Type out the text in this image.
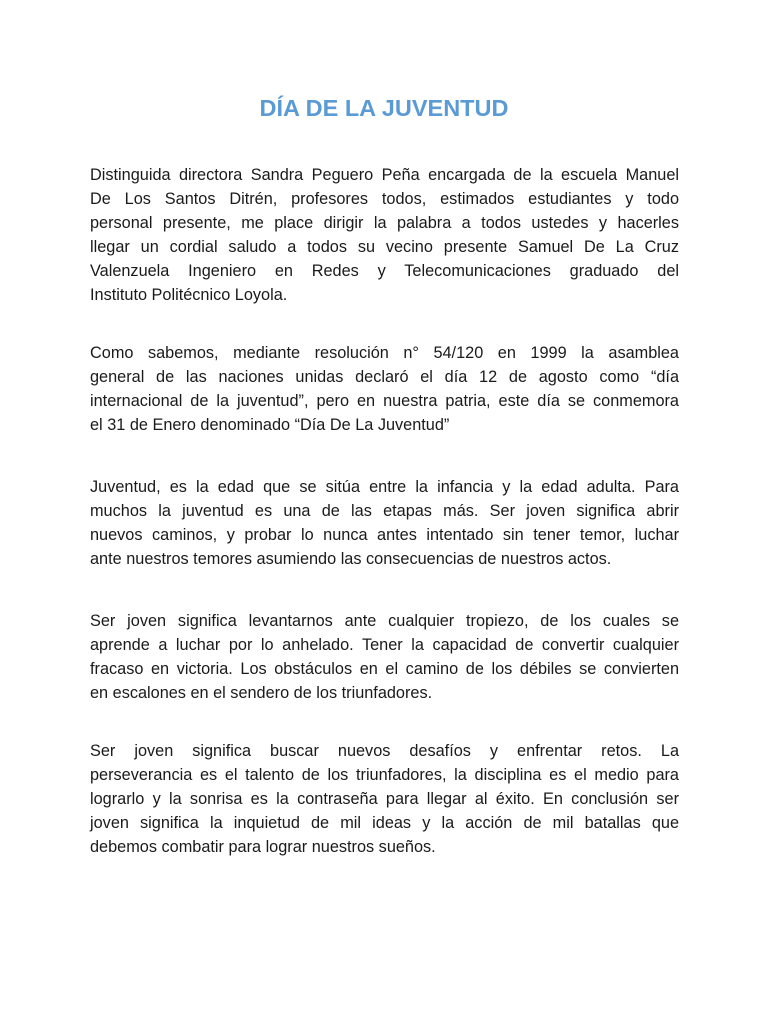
DÍA DE LA JUVENTUD
Distinguida directora Sandra Peguero Peña encargada de la escuela Manuel
De Los Santos Ditrén, profesores todos, estimados estudiantes y todo
personal presente, me place dirigir la palabra a todos ustedes y hacerles
llegar un cordial saludo a todos su vecino presente Samuel De La Cruz
Valenzuela Ingeniero en Redes y Telecomunicaciones graduado del
Instituto Politécnico Loyola.
Como sabemos, mediante resolución n° 54/120 en 1999 la asamblea
general de las naciones unidas declaró el día 12 de agosto como “día
internacional de la juventud”, pero en nuestra patria, este día se conmemora
el 31 de Enero denominado “Día De La Juventud”
Juventud, es la edad que se sitúa entre la infancia y la edad adulta. Para
muchos la juventud es una de las etapas más. Ser joven significa abrir
nuevos caminos, y probar lo nunca antes intentado sin tener temor, luchar
ante nuestros temores asumiendo las consecuencias de nuestros actos.
Ser joven significa levantarnos ante cualquier tropiezo, de los cuales se
aprende a luchar por lo anhelado. Tener la capacidad de convertir cualquier
fracaso en victoria. Los obstáculos en el camino de los débiles se convierten
en escalones en el sendero de los triunfadores.
Ser joven significa buscar nuevos desafíos y enfrentar retos. La
perseverancia es el talento de los triunfadores, la disciplina es el medio para
lograrlo y la sonrisa es la contraseña para llegar al éxito. En conclusión ser
joven significa la inquietud de mil ideas y la acción de mil batallas que
debemos combatir para lograr nuestros sueños.
